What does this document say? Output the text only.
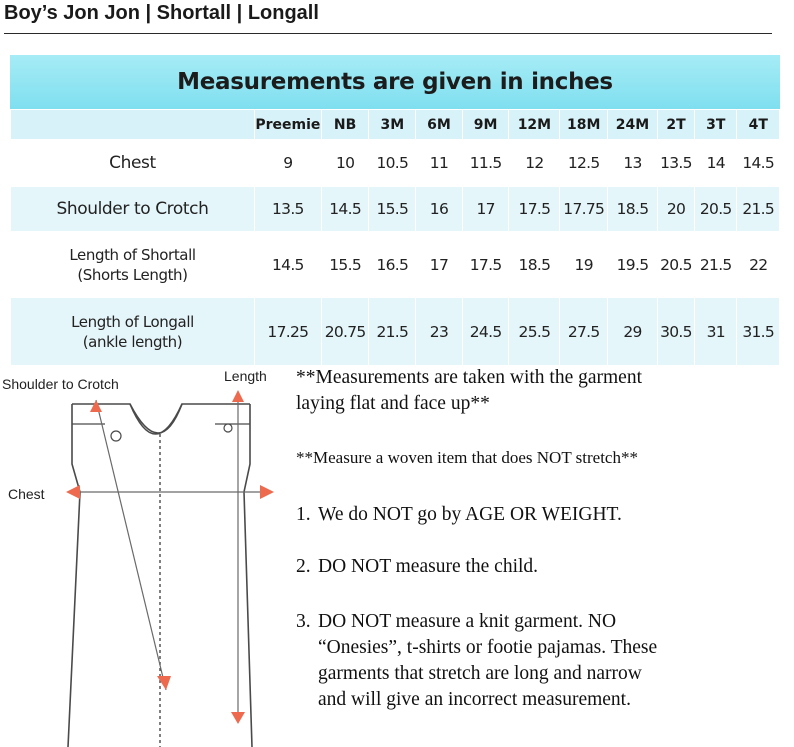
Boy’s Jon Jon | Shortall | Longall
Measurements are given in inches
	Preemie	NB	3M	6M	9M	12M	18M	24M	2T	3T	4T
Chest	9	10	10.5	11	11.5	12	12.5	13	13.5	14	14.5
Shoulder to Crotch	13.5	14.5	15.5	16	17	17.5	17.75	18.5	20	20.5	21.5

Length of Shortall
(Shorts Length)	14.5	15.5	16.5	17	17.5	18.5	19	19.5	20.5	21.5	22

Length of Longall
(ankle length)	17.25	20.75	21.5	23	24.5	25.5	27.5	29	30.5	31	31.5
Shoulder to Crotch	Length
Chest
**Measurements are taken with the garment
laying flat and face up**
**Measure a woven item that does NOT stretch**
1. We do NOT go by AGE OR WEIGHT.
2. DO NOT measure the child.
3. DO NOT measure a knit garment. NO
“Onesies”, t-shirts or footie pajamas. These
garments that stretch are long and narrow
and will give an incorrect measurement.
